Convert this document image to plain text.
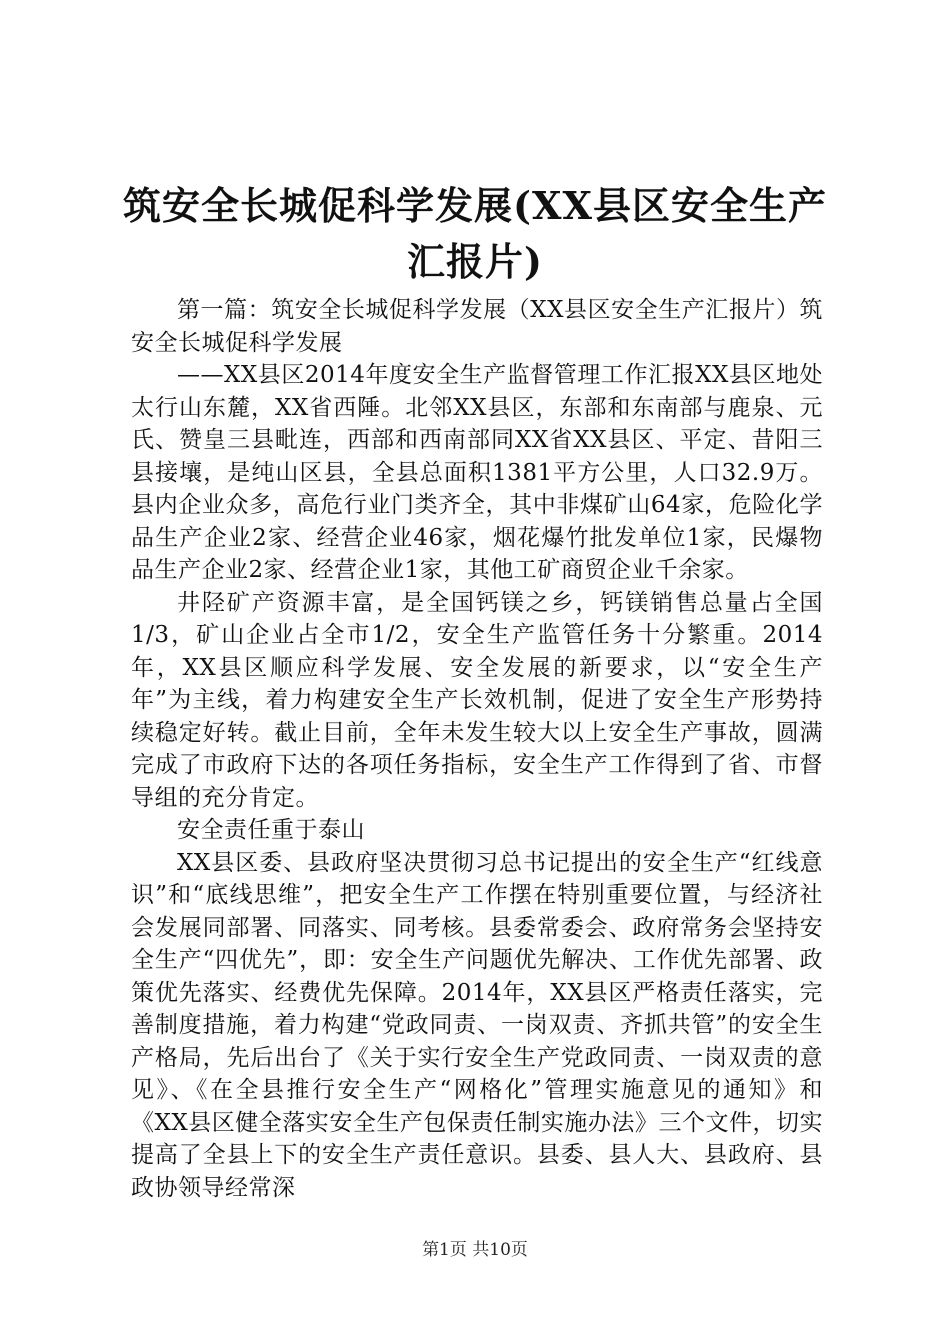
筑安全长城促科学发展(XX县区安全生产汇报片)

第一篇：筑安全长城促科学发展（XX县区安全生产汇报片）筑安全长城促科学发展

——XX县区2014年度安全生产监督管理工作汇报XX县区地处太行山东麓，XX省西陲。北邻XX县区，东部和东南部与鹿泉、元氏、赞皇三县毗连，西部和西南部同XX省XX县区、平定、昔阳三县接壤，是纯山区县，全县总面积1381平方公里，人口32.9万。县内企业众多，高危行业门类齐全，其中非煤矿山64家，危险化学品生产企业2家、经营企业46家，烟花爆竹批发单位1家，民爆物品生产企业2家、经营企业1家，其他工矿商贸企业千余家。

井陉矿产资源丰富，是全国钙镁之乡，钙镁销售总量占全国1/3，矿山企业占全市1/2，安全生产监管任务十分繁重。2014年，XX县区顺应科学发展、安全发展的新要求，以“安全生产年”为主线，着力构建安全生产长效机制，促进了安全生产形势持续稳定好转。截止目前，全年未发生较大以上安全生产事故，圆满完成了市政府下达的各项任务指标，安全生产工作得到了省、市督导组的充分肯定。

安全责任重于泰山

XX县区委、县政府坚决贯彻习总书记提出的安全生产“红线意识”和“底线思维”，把安全生产工作摆在特别重要位置，与经济社会发展同部署、同落实、同考核。县委常委会、政府常务会坚持安全生产“四优先”，即：安全生产问题优先解决、工作优先部署、政策优先落实、经费优先保障。2014年，XX县区严格责任落实，完善制度措施，着力构建“党政同责、一岗双责、齐抓共管”的安全生产格局，先后出台了《关于实行安全生产党政同责、一岗双责的意见》、《在全县推行安全生产“网格化”管理实施意见的通知》和《XX县区健全落实安全生产包保责任制实施办法》三个文件，切实提高了全县上下的安全生产责任意识。县委、县人大、县政府、县政协领导经常深

第1页 共10页
